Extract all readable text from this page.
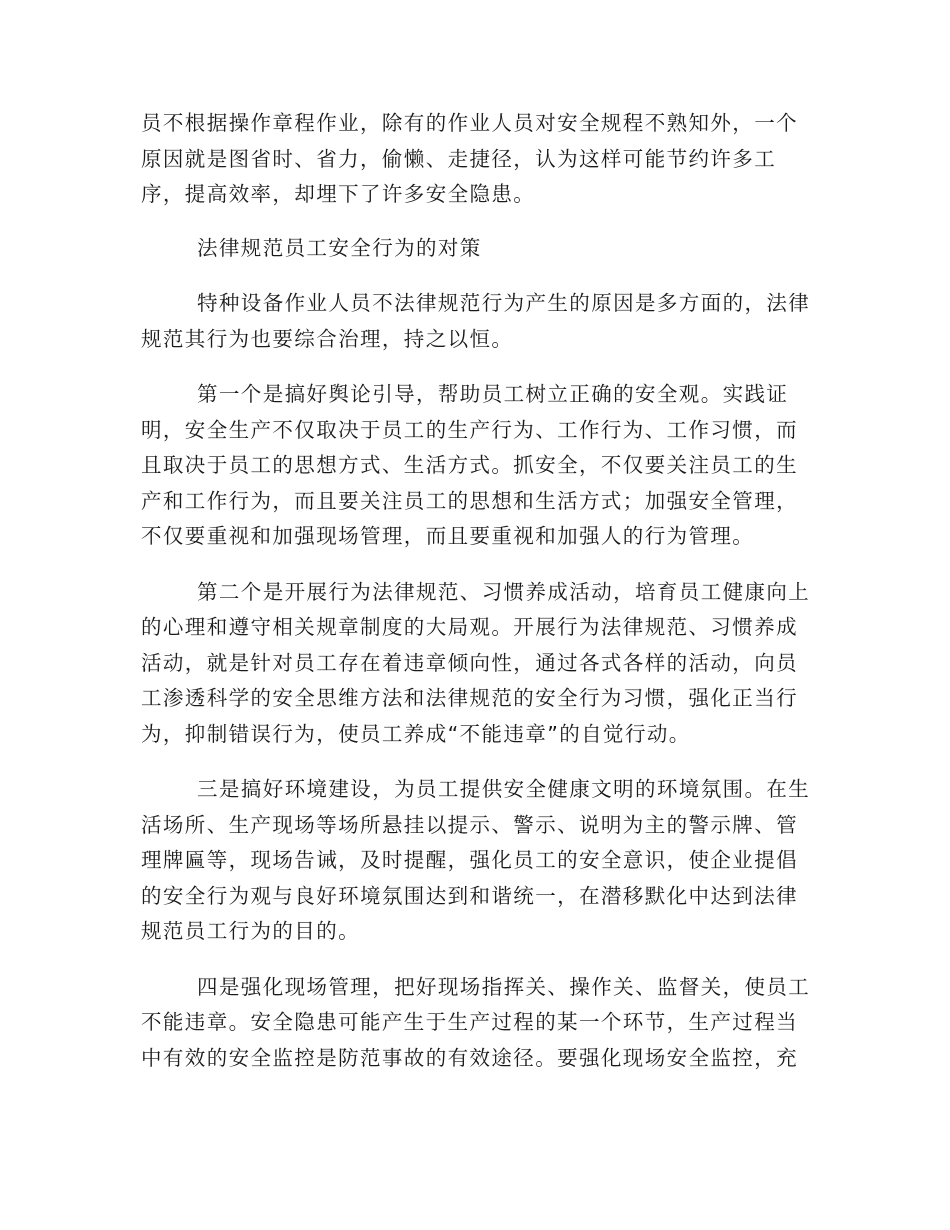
员不根据操作章程作业，除有的作业人员对安全规程不熟知外，一个
原因就是图省时、省力，偷懒、走捷径，认为这样可能节约许多工
序，提高效率，却埋下了许多安全隐患。

法律规范员工安全行为的对策

特种设备作业人员不法律规范行为产生的原因是多方面的，法律
规范其行为也要综合治理，持之以恒。

第一个是搞好舆论引导，帮助员工树立正确的安全观。实践证
明，安全生产不仅取决于员工的生产行为、工作行为、工作习惯，而
且取决于员工的思想方式、生活方式。抓安全，不仅要关注员工的生
产和工作行为，而且要关注员工的思想和生活方式；加强安全管理，
不仅要重视和加强现场管理，而且要重视和加强人的行为管理。

第二个是开展行为法律规范、习惯养成活动，培育员工健康向上
的心理和遵守相关规章制度的大局观。开展行为法律规范、习惯养成
活动，就是针对员工存在着违章倾向性，通过各式各样的活动，向员
工渗透科学的安全思维方法和法律规范的安全行为习惯，强化正当行
为，抑制错误行为，使员工养成“不能违章”的自觉行动。

三是搞好环境建设，为员工提供安全健康文明的环境氛围。在生
活场所、生产现场等场所悬挂以提示、警示、说明为主的警示牌、管
理牌匾等，现场告诫，及时提醒，强化员工的安全意识，使企业提倡
的安全行为观与良好环境氛围达到和谐统一，在潜移默化中达到法律
规范员工行为的目的。

四是强化现场管理，把好现场指挥关、操作关、监督关，使员工
不能违章。安全隐患可能产生于生产过程的某一个环节，生产过程当
中有效的安全监控是防范事故的有效途径。要强化现场安全监控，充
